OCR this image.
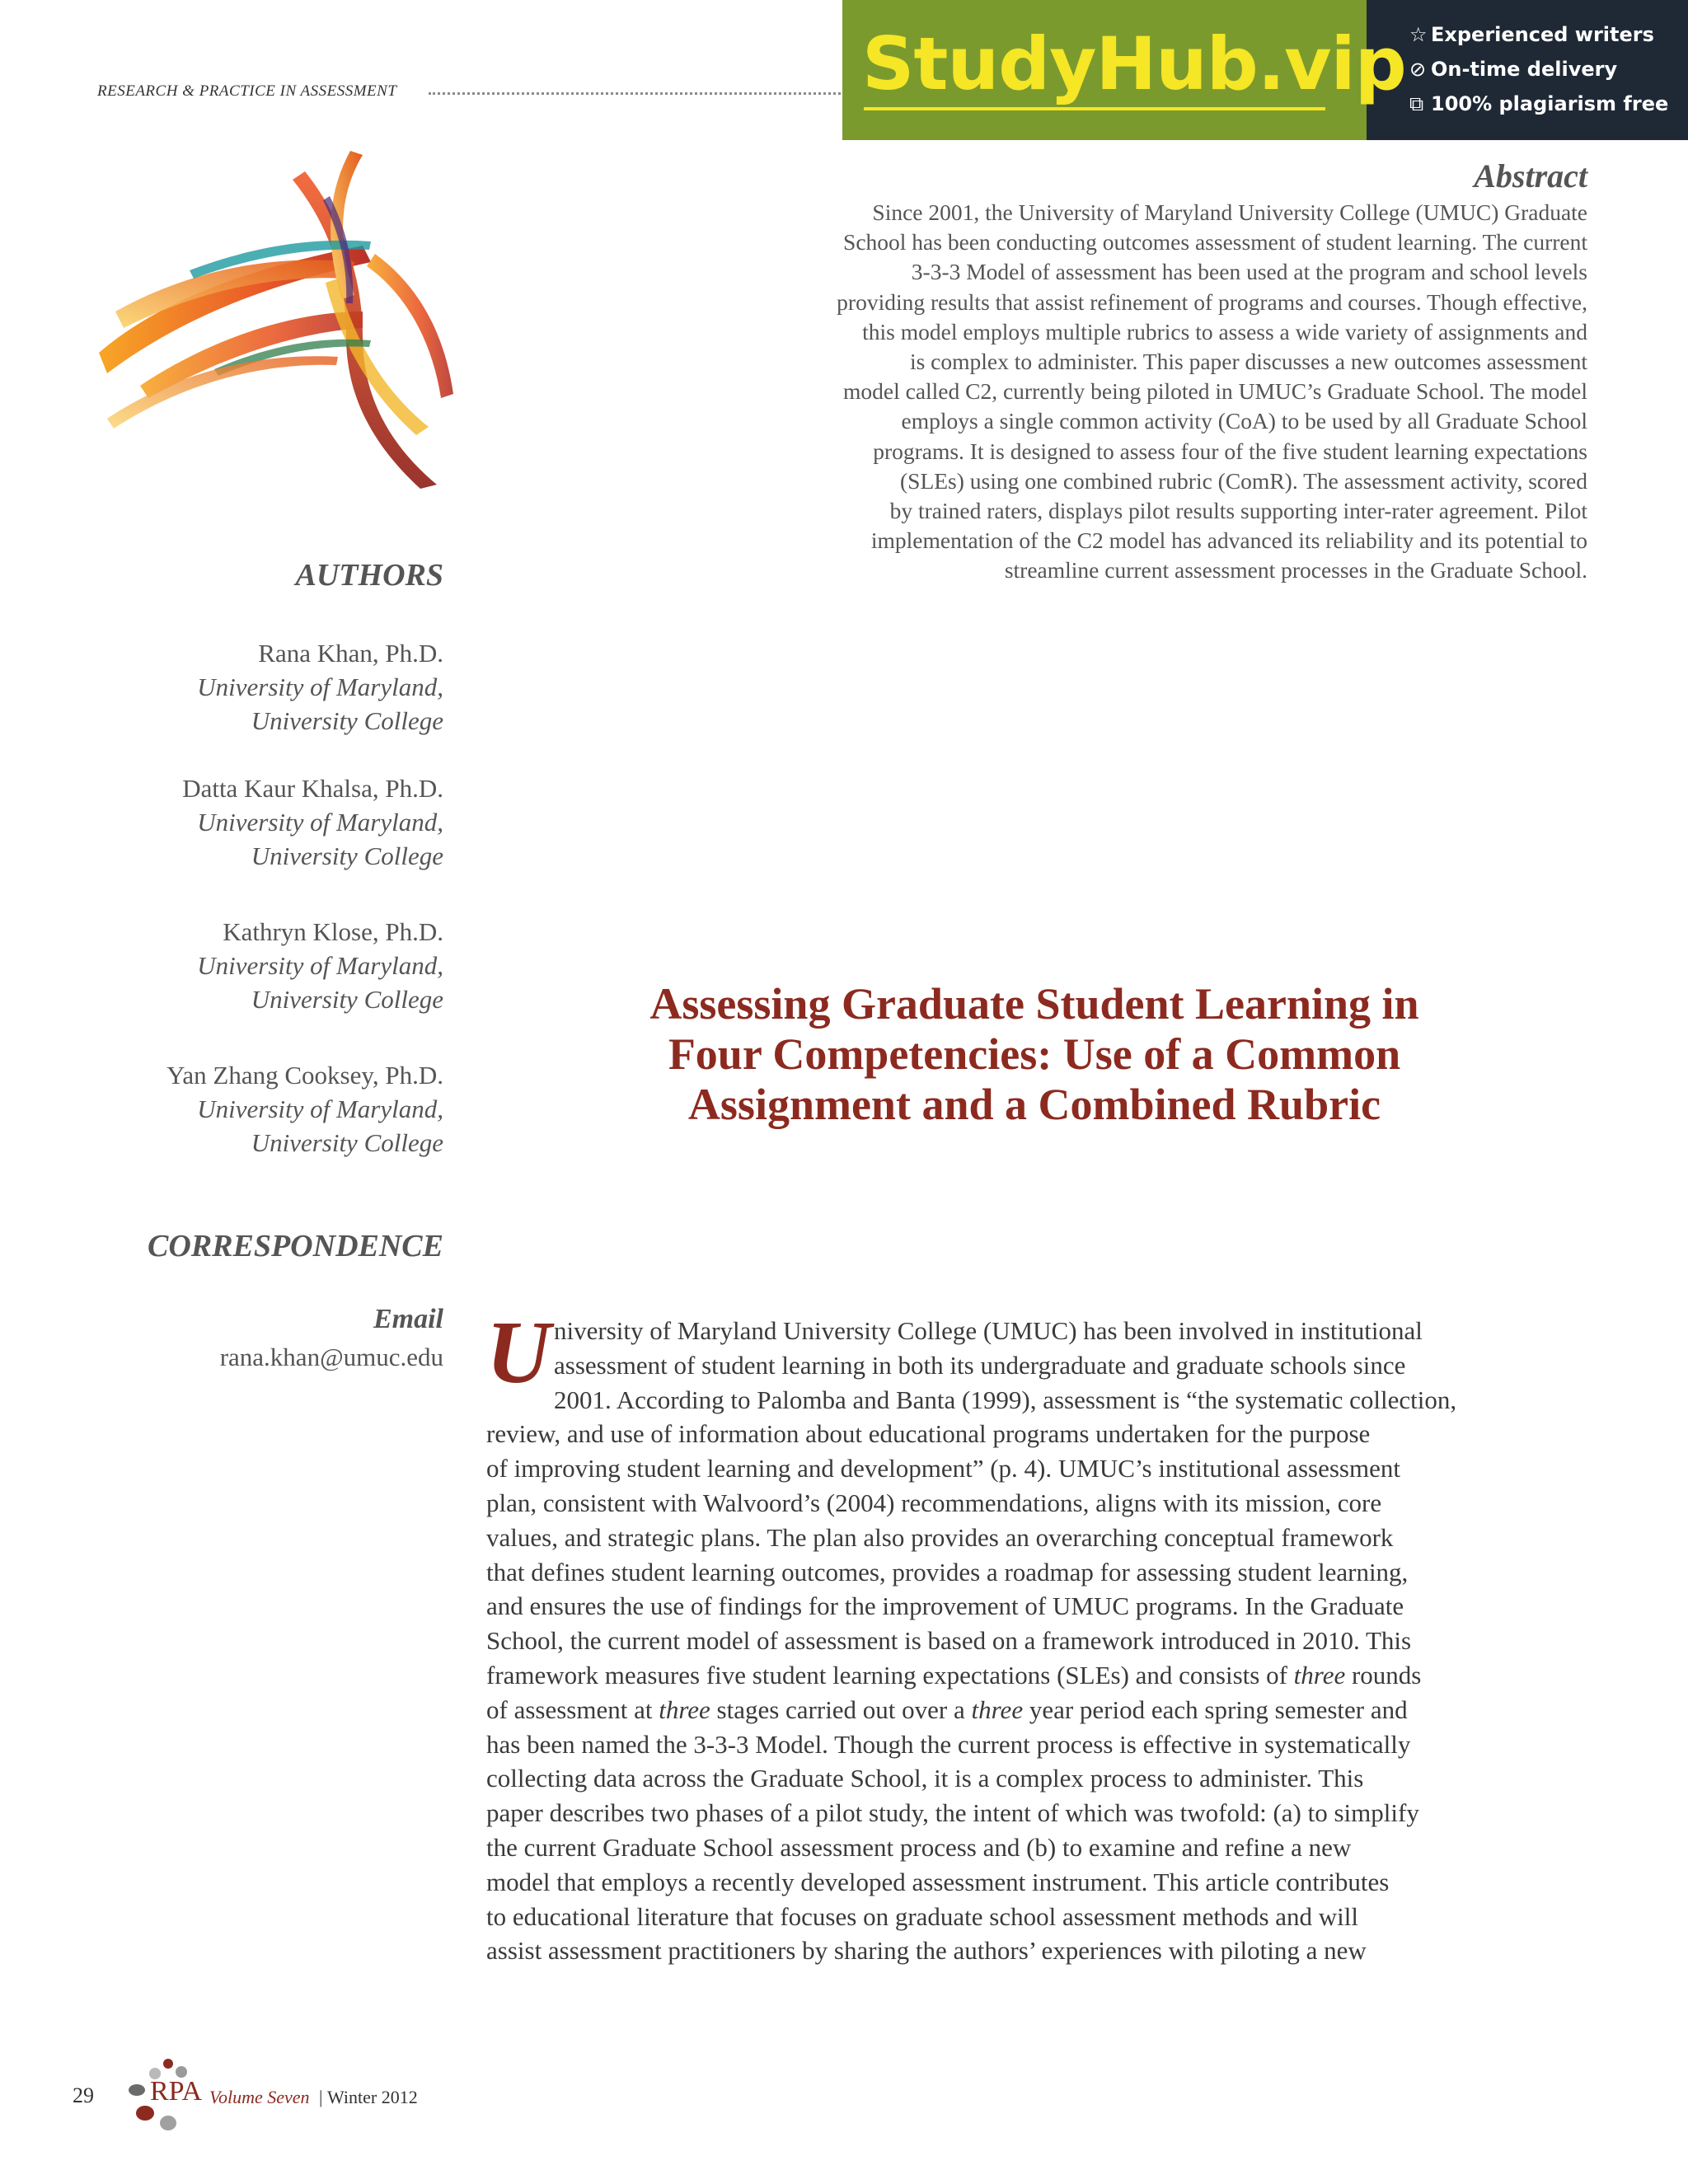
RESEARCH & PRACTICE IN ASSESSMENT	StudyHub.vip ☆ Experienced writers
⊘ On-time delivery
⧉ 100% plagiarism free
Abstract
Since 2001, the University of Maryland University College (UMUC) Graduate
School has been conducting outcomes assessment of student learning. The current
3-3-3 Model of assessment has been used at the program and school levels
providing results that assist refinement of programs and courses. Though effective,
this model employs multiple rubrics to assess a wide variety of assignments and
is complex to administer. This paper discusses a new outcomes assessment
model called C2, currently being piloted in UMUC’s Graduate School. The model
employs a single common activity (CoA) to be used by all Graduate School
programs. It is designed to assess four of the five student learning expectations
(SLEs) using one combined rubric (ComR). The assessment activity, scored
by trained raters, displays pilot results supporting inter-rater agreement. Pilot
implementation of the C2 model has advanced its reliability and its potential to
streamline current assessment processes in the Graduate School.
AUTHORS
Rana Khan, Ph.D.
University of Maryland,
University College
Datta Kaur Khalsa, Ph.D.
University of Maryland,
University College
Kathryn Klose, Ph.D.
University of Maryland,
University College
Yan Zhang Cooksey, Ph.D.
University of Maryland,
University College
CORRESPONDENCE
Email
rana.khan@umuc.edu
Assessing Graduate Student Learning in
Four Competencies: Use of a Common
Assignment and a Combined Rubric
U niversity of Maryland University College (UMUC) has been involved in institutional
assessment of student learning in both its undergraduate and graduate schools since
2001. According to Palomba and Banta (1999), assessment is “the systematic collection,
review, and use of information about educational programs undertaken for the purpose
of improving student learning and development” (p. 4). UMUC’s institutional assessment
plan, consistent with Walvoord’s (2004) recommendations, aligns with its mission, core
values, and strategic plans. The plan also provides an overarching conceptual framework
that defines student learning outcomes, provides a roadmap for assessing student learning,
and ensures the use of findings for the improvement of UMUC programs. In the Graduate
School, the current model of assessment is based on a framework introduced in 2010. This
framework measures five student learning expectations (SLEs) and consists of three rounds
of assessment at three stages carried out over a three year period each spring semester and
has been named the 3-3-3 Model. Though the current process is effective in systematically
collecting data across the Graduate School, it is a complex process to administer. This
paper describes two phases of a pilot study, the intent of which was twofold: (a) to simplify
the current Graduate School assessment process and (b) to examine and refine a new
model that employs a recently developed assessment instrument. This article contributes
to educational literature that focuses on graduate school assessment methods and will
assist assessment practitioners by sharing the authors’ experiences with piloting a new
29 RPA Volume Seven | Winter 2012
